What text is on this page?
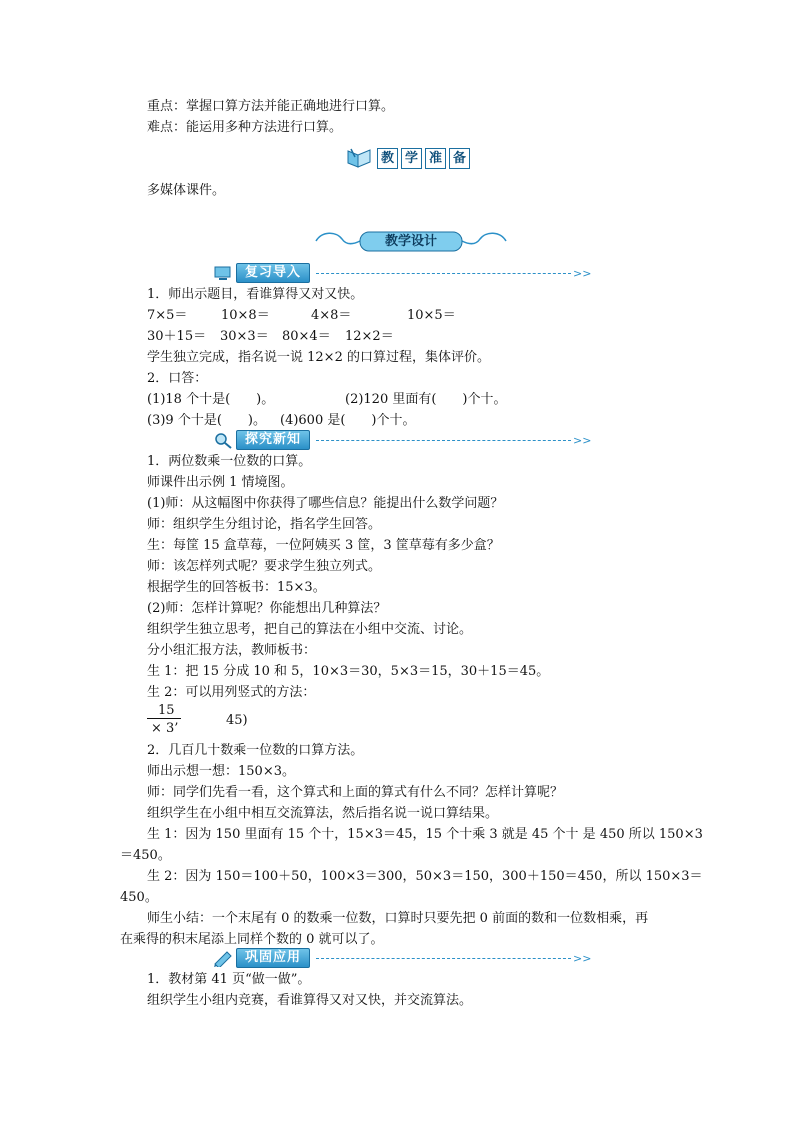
重点：掌握口算方法并能正确地进行口算。
难点：能运用多种方法进行口算。
教 学 准 备
多媒体课件。
教学设计
复习导入	>>
1．师出示题目，看谁算得又对又快。
7×5＝	10×8＝	4×8＝	10×5＝
30＋15＝ 30×3＝ 80×4＝ 12×2＝
学生独立完成，指名说一说 12×2 的口算过程，集体评价。
2．口答：
(1)18 个十是(　　)。	(2)120 里面有(　　)个十。
(3)9 个十是(　　)。 (4)600 是(　　)个十。
探究新知	>>
1．两位数乘一位数的口算。
师课件出示例 1 情境图。
(1)师：从这幅图中你获得了哪些信息？能提出什么数学问题？
师：组织学生分组讨论，指名学生回答。
生：每筐 15 盒草莓，一位阿姨买 3 筐，3 筐草莓有多少盒？
师：该怎样列式呢？要求学生独立列式。
根据学生的回答板书：15×3。
(2)师：怎样计算呢？你能想出几种算法？
组织学生独立思考，把自己的算法在小组中交流、讨论。
分小组汇报方法，教师板书：
生 1：把 15 分成 10 和 5，10×3＝30，5×3＝15，30＋15＝45。
生 2：可以用列竖式的方法：
15
× 3’
45)
2．几百几十数乘一位数的口算方法。
师出示想一想：150×3。
师：同学们先看一看，这个算式和上面的算式有什么不同？怎样计算呢？
组织学生在小组中相互交流算法，然后指名说一说口算结果。
生 1：因为 150 里面有 15 个十，15×3＝45，15 个十乘 3 就是 45 个十 是 450 所以 150×3
＝450。
生 2：因为 150＝100＋50，100×3＝300，50×3＝150，300＋150＝450，所以 150×3＝
450。
师生小结：一个末尾有 0 的数乘一位数，口算时只要先把 0 前面的数和一位数相乘，再
在乘得的积末尾添上同样个数的 0 就可以了。
巩固应用	>>
1．教材第 41 页“做一做”。
组织学生小组内竞赛，看谁算得又对又快，并交流算法。
